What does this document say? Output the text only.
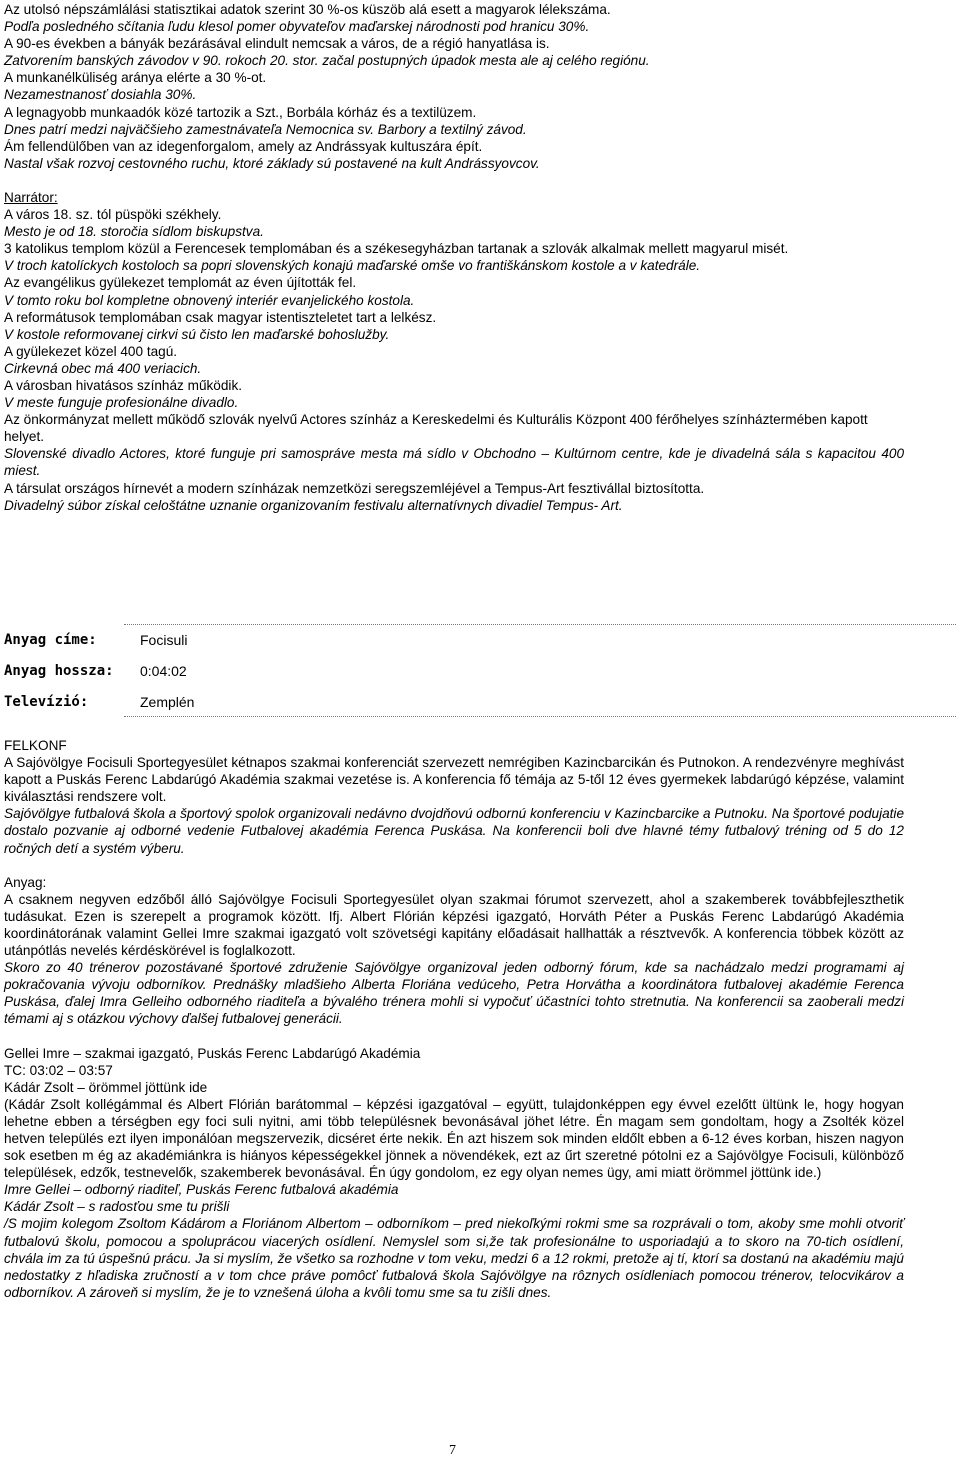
Az utolsó népszámlálási statisztikai adatok szerint 30 %-os küszöb alá esett a magyarok lélekszáma.

Podľa posledného sčítania ľudu klesol pomer obyvateľov maďarskej národnosti pod hranicu 30%.

A 90-es években a bányák bezárásával elindult nemcsak a város, de a régió hanyatlása is.

Zatvorením banských závodov v 90. rokoch 20. stor. začal postupných úpadok mesta ale aj celého regiónu.

A munkanélküliség aránya elérte a 30 %-ot.

Nezamestnanosť dosiahla 30%.

A legnagyobb munkaadók közé tartozik a Szt., Borbála kórház és a textilüzem.

Dnes patrí medzi najväčšieho zamestnávateľa Nemocnica sv. Barbory a textilný závod.

Ám fellendülőben van az idegenforgalom, amely az Andrássyak kultuszára épít.

Nastal však rozvoj cestovného ruchu, ktoré základy sú postavené na kult Andrássyovcov.

Narrátor:

A város 18. sz. tól püspöki székhely.

Mesto je od 18. storočia sídlom biskupstva.

3 katolikus templom közül a Ferencesek templomában és a székesegyházban tartanak a szlovák alkalmak mellett magyarul misét.

V troch katolíckych kostoloch sa popri slovenských konajú maďarské omše vo františkánskom kostole a v katedrále.

Az evangélikus gyülekezet templomát az éven újították fel.

V tomto roku bol kompletne obnovený interiér evanjelického kostola.

A reformátusok templomában csak magyar istentiszteletet tart a lelkész.

V kostole reformovanej cirkvi sú čisto len maďarské bohoslužby.

A gyülekezet közel 400 tagú.

Cirkevná obec má 400 veriacich.

A városban hivatásos színház működik.

V meste funguje profesionálne divadlo.

Az önkormányzat mellett működő szlovák nyelvű Actores színház a Kereskedelmi és Kulturális Központ 400 férőhelyes színháztermében kapott helyet.

Slovenské divadlo Actores, ktoré funguje pri samospráve mesta má sídlo v Obchodno – Kultúrnom centre, kde je divadelná sála s kapacitou 400 miest.

A társulat országos hírnevét a modern színházak nemzetközi seregszemléjével a Tempus-Art fesztivállal biztosította.

Divadelný súbor získal celoštátne uznanie organizovaním festivalu alternatívnych divadiel Tempus- Art.

Anyag címe:	Focisuli
Anyag hossza: 0:04:02
Televízió:	Zemplén

FELKONF

A Sajóvölgye Focisuli Sportegyesület kétnapos szakmai konferenciát szervezett nemrégiben Kazincbarcikán és Putnokon. A rendezvényre meghívást kapott a Puskás Ferenc Labdarúgó Akadémia szakmai vezetése is. A konferencia fő témája az 5-től 12 éves gyermekek labdarúgó képzése, valamint kiválasztási rendszere volt.

Sajóvölgye futbalová škola a športový spolok organizovali nedávno dvojdňovú odbornú konferenciu v Kazincbarcike a Putnoku. Na športové podujatie dostalo pozvanie aj odborné vedenie Futbalovej akadémia Ferenca Puskása. Na konferencii boli dve hlavné témy futbalový tréning od 5 do 12 ročných detí a systém výberu.

Anyag:

A csaknem negyven edzőből álló Sajóvölgye Focisuli Sportegyesület olyan szakmai fórumot szervezett, ahol a szakemberek továbbfejleszthetik tudásukat. Ezen is szerepelt a programok között. Ifj. Albert Flórián képzési igazgató, Horváth Péter a Puskás Ferenc Labdarúgó Akadémia koordinátorának valamint Gellei Imre szakmai igazgató volt szövetségi kapitány előadásait hallhatták a résztvevők. A konferencia többek között az utánpótlás nevelés kérdéskörével is foglalkozott.

Skoro zo 40 trénerov pozostávané športové združenie Sajóvölgye organizoval jeden odborný fórum, kde sa nachádzalo medzi programami aj pokračovania vývoju odborníkov. Prednášky mladšieho Alberta Floriána vedúceho, Petra Horvátha a koordinátora futbalovej akadémie Ferenca Puskása, ďalej Imra Gelleiho odborného riaditeľa a bývalého trénera mohli si vypočuť účastníci tohto stretnutia. Na konferencii sa zaoberali medzi témami aj s otázkou výchovy ďalšej futbalovej generácii.

Gellei Imre – szakmai igazgató, Puskás Ferenc Labdarúgó Akadémia

TC: 03:02 – 03:57

Kádár Zsolt – örömmel jöttünk ide

(Kádár Zsolt kollégámmal és Albert Flórián barátommal – képzési igazgatóval – együtt, tulajdonképpen egy évvel ezelőtt ültünk le, hogy hogyan lehetne ebben a térségben egy foci suli nyitni, ami több településnek bevonásával jöhet létre. Én magam sem gondoltam, hogy a Zsolték közel hetven település ezt ilyen imponálóan megszervezik, dicséret érte nekik. Én azt hiszem sok minden eldőlt ebben a 6-12 éves korban, hiszen nagyon sok esetben m ég az akadémiánkra is hiányos képességekkel jönnek a növendékek, ezt az űrt szeretné pótolni ez a Sajóvölgye Focisuli, különböző települések, edzők, testnevelők, szakemberek bevonásával. Én úgy gondolom, ez egy olyan nemes ügy, ami miatt örömmel jöttünk ide.)

Imre Gellei – odborný riaditeľ, Puskás Ferenc futbalová akadémia

Kádár Zsolt – s radosťou sme tu prišli

/S mojim kolegom Zsoltom Kádárom a Floriánom Albertom – odborníkom – pred niekoľkými rokmi sme sa rozprávali o tom, akoby sme mohli otvoriť futbalovú školu, pomocou a spoluprácou viacerých osídlení. Nemyslel som si,že tak profesionálne to usporiadajú a to skoro na 70-tich osídlení, chvála im za tú úspešnú prácu. Ja si myslím, že všetko sa rozhodne v tom veku, medzi 6 a 12 rokmi, pretože aj tí, ktorí sa dostanú na akadémiu majú nedostatky z hľadiska zručností a v tom chce práve pomôcť futbalová škola Sajóvölgye na rôznych osídleniach pomocou trénerov, telocvikárov a odborníkov. A zároveň si myslím, že je to vznešená úloha a kvôli tomu sme sa tu zišli dnes.

7
